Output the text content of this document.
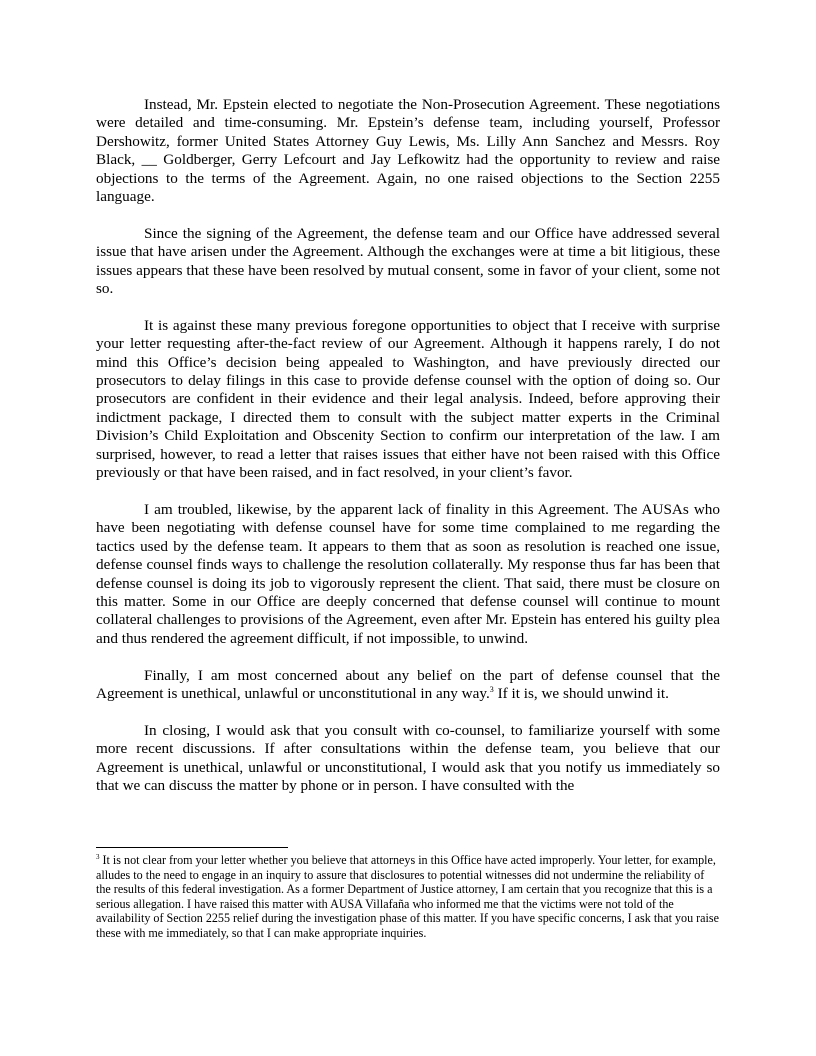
Instead, Mr. Epstein elected to negotiate the Non-Prosecution Agreement. These negotiations were detailed and time-consuming. Mr. Epstein’s defense team, including yourself, Professor Dershowitz, former United States Attorney Guy Lewis, Ms. Lilly Ann Sanchez and Messrs. Roy Black, __ Goldberger, Gerry Lefcourt and Jay Lefkowitz had the opportunity to review and raise objections to the terms of the Agreement. Again, no one raised objections to the Section 2255 language.

Since the signing of the Agreement, the defense team and our Office have addressed several issue that have arisen under the Agreement. Although the exchanges were at time a bit litigious, these issues appears that these have been resolved by mutual consent, some in favor of your client, some not so.

It is against these many previous foregone opportunities to object that I receive with surprise your letter requesting after-the-fact review of our Agreement. Although it happens rarely, I do not mind this Office’s decision being appealed to Washington, and have previously directed our prosecutors to delay filings in this case to provide defense counsel with the option of doing so. Our prosecutors are confident in their evidence and their legal analysis. Indeed, before approving their indictment package, I directed them to consult with the subject matter experts in the Criminal Division’s Child Exploitation and Obscenity Section to confirm our interpretation of the law. I am surprised, however, to read a letter that raises issues that either have not been raised with this Office previously or that have been raised, and in fact resolved, in your client’s favor.

I am troubled, likewise, by the apparent lack of finality in this Agreement. The AUSAs who have been negotiating with defense counsel have for some time complained to me regarding the tactics used by the defense team. It appears to them that as soon as resolution is reached one issue, defense counsel finds ways to challenge the resolution collaterally. My response thus far has been that defense counsel is doing its job to vigorously represent the client. That said, there must be closure on this matter. Some in our Office are deeply concerned that defense counsel will continue to mount collateral challenges to provisions of the Agreement, even after Mr. Epstein has entered his guilty plea and thus rendered the agreement difficult, if not impossible, to unwind.

Finally, I am most concerned about any belief on the part of defense counsel that the Agreement is unethical, unlawful or unconstitutional in any way.$^3$ If it is, we should unwind it.

In closing, I would ask that you consult with co-counsel, to familiarize yourself with some more recent discussions. If after consultations within the defense team, you believe that our Agreement is unethical, unlawful or unconstitutional, I would ask that you notify us immediately so that we can discuss the matter by phone or in person. I have consulted with the

$^3$ It is not clear from your letter whether you believe that attorneys in this Office have acted improperly. Your letter, for example, alludes to the need to engage in an inquiry to assure that disclosures to potential witnesses did not undermine the reliability of the results of this federal investigation. As a former Department of Justice attorney, I am certain that you recognize that this is a serious allegation. I have raised this matter with AUSA Villafaña who informed me that the victims were not told of the availability of Section 2255 relief during the investigation phase of this matter. If you have specific concerns, I ask that you raise these with me immediately, so that I can make appropriate inquiries.
